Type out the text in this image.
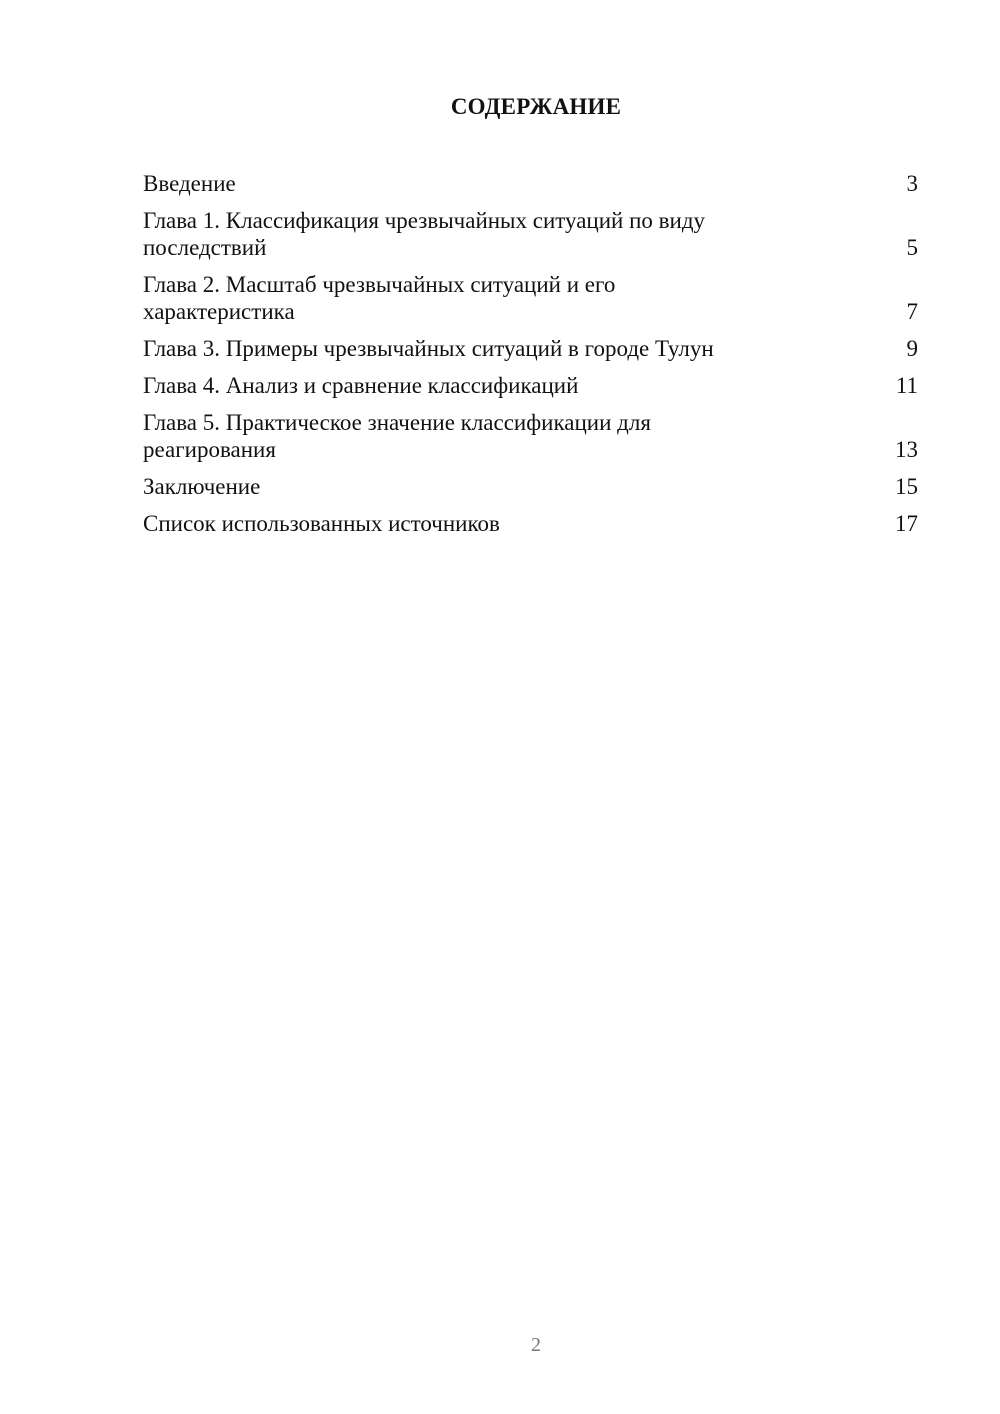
СОДЕРЖАНИЕ
Введение	3
Глава 1. Классификация чрезвычайных ситуаций по виду
последствий	5
Глава 2. Масштаб чрезвычайных ситуаций и его
характеристика	7
Глава 3. Примеры чрезвычайных ситуаций в городе Тулун	9
Глава 4. Анализ и сравнение классификаций	11
Глава 5. Практическое значение классификации для
реагирования	13
Заключение	15
Список использованных источников	17
2
